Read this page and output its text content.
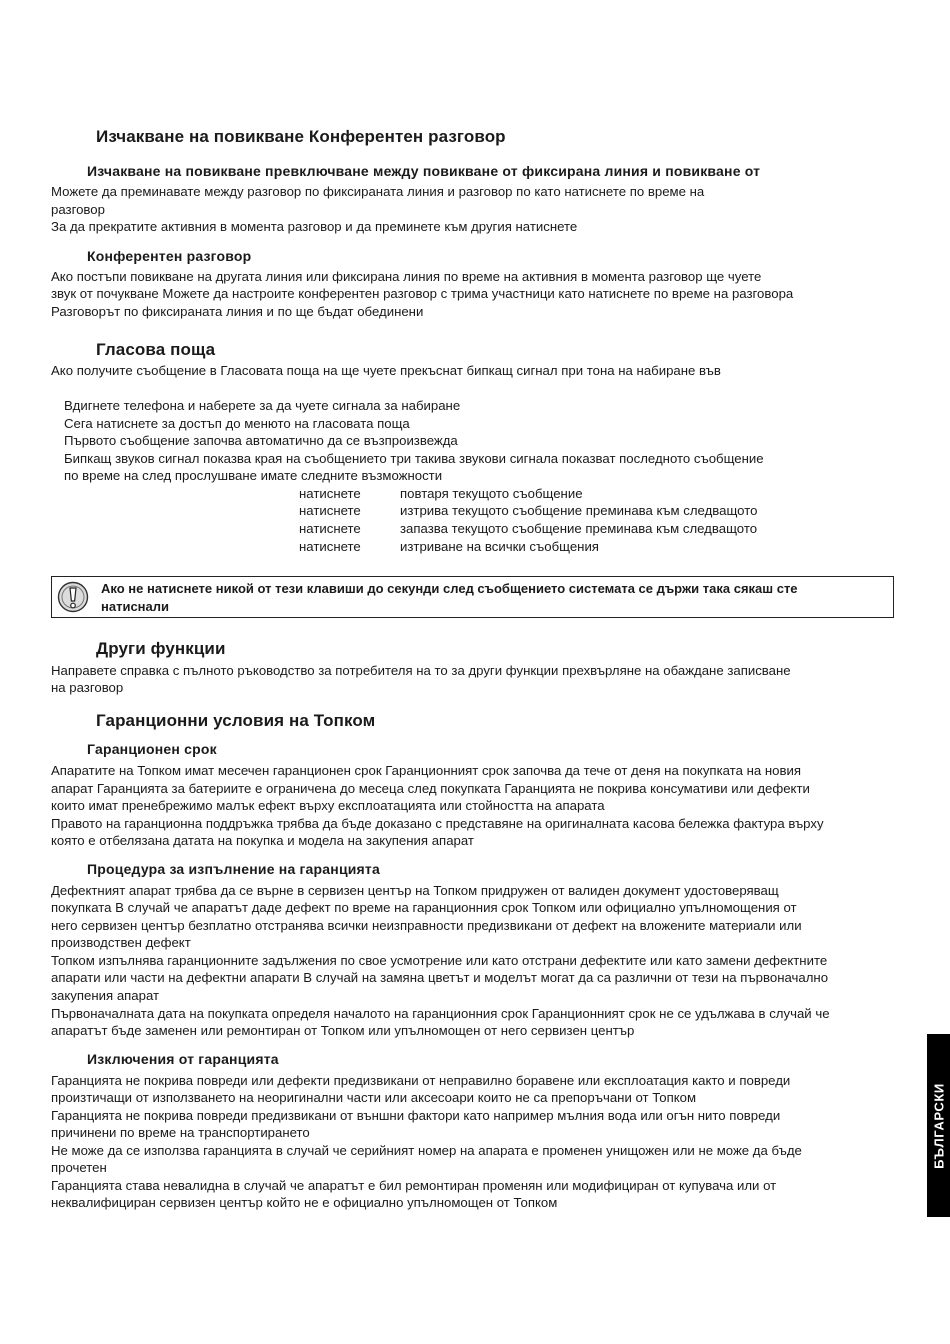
Изчакване на повикване Конферентен разговор
Изчакване на повикване превключване между повикване от фиксирана линия и повикване от
Можете да преминавате между разговор по фиксираната линия и разговор по като натиснете по време на
разговор
За да прекратите активния в момента разговор и да преминете към другия натиснете
Конферентен разговор
Ако постъпи повикване на другата линия или фиксирана линия по време на активния в момента разговор ще чуете
звук от почукване Можете да настроите конферентен разговор с трима участници като натиснете по време на разговора
Разговорът по фиксираната линия и по ще бъдат обединени
Гласова поща
Ако получите съобщение в Гласовата поща на ще чуете прекъснат бипкащ сигнал при тона на набиране във
Вдигнете телефона и наберете за да чуете сигнала за набиране
Сега натиснете за достъп до менюто на гласовата поща
Първото съобщение започва автоматично да се възпроизвежда
Бипкащ звуков сигнал показва края на съобщението три такива звукови сигнала показват последното съобщение
по време на след прослушване имате следните възможности
натиснете	повтаря текущото съобщение
натиснете	изтрива текущото съобщение преминава към следващото
натиснете	запазва текущото съобщение преминава към следващото
натиснете	изтриване на всички съобщения
Ако не натиснете никой от тези клавиши до секунди след съобщението системата се държи така сякаш сте
натиснали
Други функции
Направете справка с пълното ръководство за потребителя на то за други функции прехвърляне на обаждане записване
на разговор
Гаранционни условия на Топком
Гаранционен срок
Апаратите на Топком имат месечен гаранционен срок Гаранционният срок започва да тече от деня на покупката на новия
апарат Гаранцията за батериите е ограничена до месеца след покупката Гаранцията не покрива консумативи или дефекти
които имат пренебрежимо малък ефект върху експлоатацията или стойността на апарата
Правото на гаранционна поддръжка трябва да бъде доказано с представяне на оригиналната касова бележка фактура върху
която е отбелязана датата на покупка и модела на закупения апарат
Процедура за изпълнение на гаранцията
Дефектният апарат трябва да се върне в сервизен център на Топком придружен от валиден документ удостоверяващ
покупката В случай че апаратът даде дефект по време на гаранционния срок Топком или официално упълномощения от
него сервизен център безплатно отстранява всички неизправности предизвикани от дефект на вложените материали или
производствен дефект
Топком изпълнява гаранционните задължения по свое усмотрение или като отстрани дефектите или като замени дефектните
апарати или части на дефектни апарати В случай на замяна цветът и моделът могат да са различни от тези на първоначално
закупения апарат
Първоначалната дата на покупката определя началото на гаранционния срок Гаранционният срок не се удължава в случай че
апаратът бъде заменен или ремонтиран от Топком или упълномощен от него сервизен център
Изключения от гаранцията
Гаранцията не покрива повреди или дефекти предизвикани от неправилно боравене или експлоатация както и повреди
произтичащи от използването на неоригинални части или аксесоари които не са препоръчани от Топком
Гаранцията не покрива повреди предизвикани от външни фактори като например мълния вода или огън нито повреди
причинени по време на транспортирането
Не може да се използва гаранцията в случай че серийният номер на апарата е променен унищожен или не може да бъде
прочетен
Гаранцията става невалидна в случай че апаратът е бил ремонтиран променян или модифициран от купувача или от
неквалифициран сервизен център който не е официално упълномощен от Топком
БЪЛГАРСКИ
